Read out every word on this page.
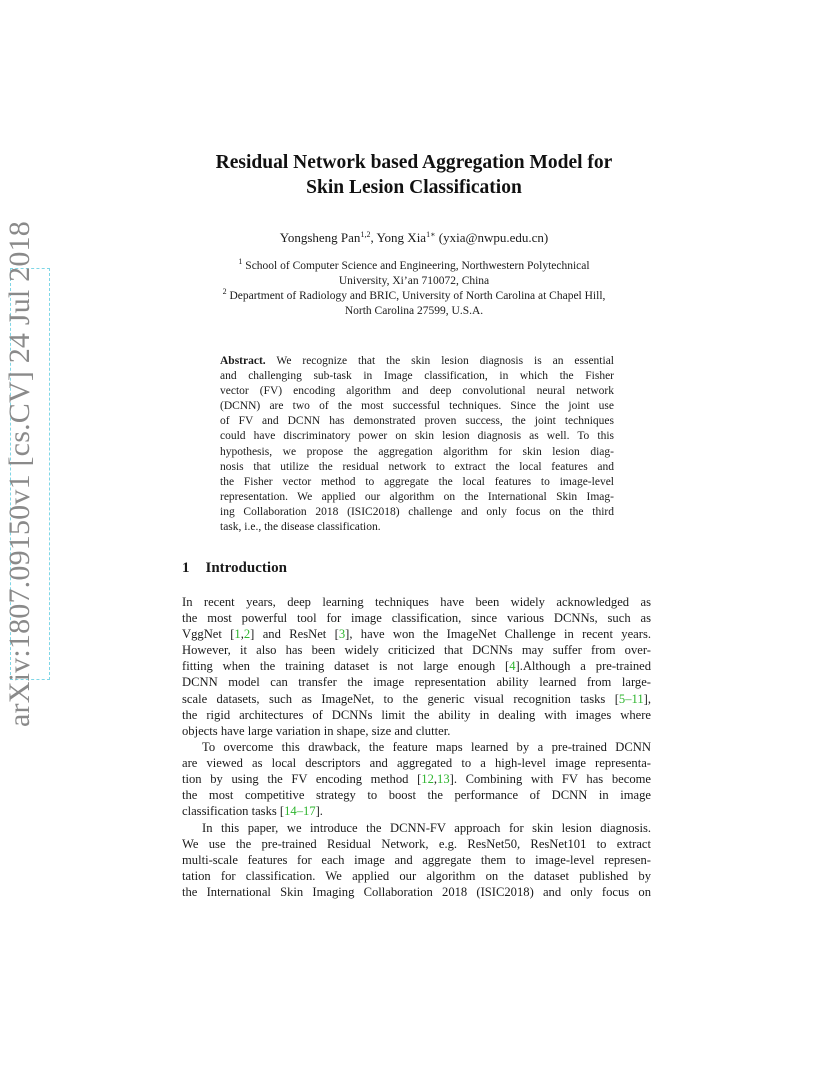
arXiv:1807.09150v1 [cs.CV] 24 Jul 2018
Residual Network based Aggregation Model for
Skin Lesion Classification
Yongsheng Pan$^{1,2}$, Yong Xia$^{1∗}$ (yxia@nwpu.edu.cn)
$^1$ School of Computer Science and Engineering, Northwestern Polytechnical
University, Xi’an 710072, China
$^2$ Department of Radiology and BRIC, University of North Carolina at Chapel Hill,
North Carolina 27599, U.S.A.
Abstract. We recognize that the skin lesion diagnosis is an essential
and challenging sub-task in Image classification, in which the Fisher
vector (FV) encoding algorithm and deep convolutional neural network
(DCNN) are two of the most successful techniques. Since the joint use
of FV and DCNN has demonstrated proven success, the joint techniques
could have discriminatory power on skin lesion diagnosis as well. To this
hypothesis, we propose the aggregation algorithm for skin lesion diag-
nosis that utilize the residual network to extract the local features and
the Fisher vector method to aggregate the local features to image-level
representation. We applied our algorithm on the International Skin Imag-
ing Collaboration 2018 (ISIC2018) challenge and only focus on the third
task, i.e., the disease classification.
1 Introduction
In recent years, deep learning techniques have been widely acknowledged as
the most powerful tool for image classification, since various DCNNs, such as
VggNet [1,2] and ResNet [3], have won the ImageNet Challenge in recent years.
However, it also has been widely criticized that DCNNs may suffer from over-
fitting when the training dataset is not large enough [4].Although a pre-trained
DCNN model can transfer the image representation ability learned from large-
scale datasets, such as ImageNet, to the generic visual recognition tasks [5–11],
the rigid architectures of DCNNs limit the ability in dealing with images where
objects have large variation in shape, size and clutter.
To overcome this drawback, the feature maps learned by a pre-trained DCNN
are viewed as local descriptors and aggregated to a high-level image representa-
tion by using the FV encoding method [12,13]. Combining with FV has become
the most competitive strategy to boost the performance of DCNN in image
classification tasks [14–17].
In this paper, we introduce the DCNN-FV approach for skin lesion diagnosis.
We use the pre-trained Residual Network, e.g. ResNet50, ResNet101 to extract
multi-scale features for each image and aggregate them to image-level represen-
tation for classification. We applied our algorithm on the dataset published by
the International Skin Imaging Collaboration 2018 (ISIC2018) and only focus on
